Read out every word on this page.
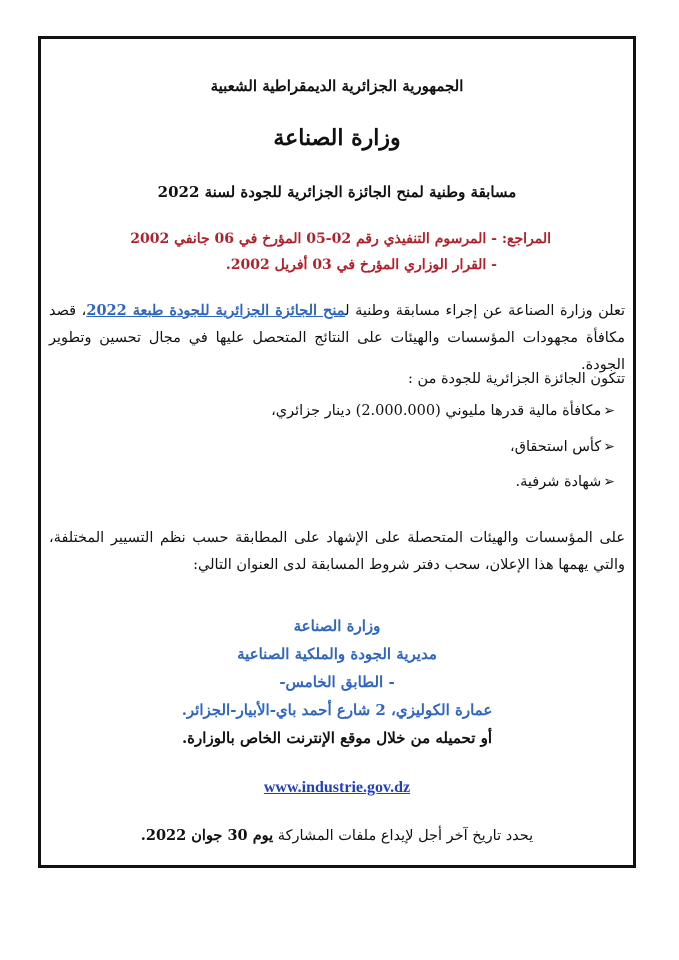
الجمهورية الجزائرية الديمقراطية الشعبية
وزارة الصناعة
مسابقة وطنية لمنح الجائزة الجزائرية للجودة لسنة 2022
المراجع: - المرسوم التنفيذي رقم 02-05 المؤرخ في 06 جانفي 2002
- القرار الوزاري المؤرخ في 03 أفريل 2002.
تعلن وزارة الصناعة عن إجراء مسابقة وطنية لمنح الجائزة الجزائرية للجودة طبعة 2022، قصد مكافأة مجهودات المؤسسات والهيئات على النتائج المتحصل عليها في مجال تحسين وتطوير الجودة.
تتكون الجائزة الجزائرية للجودة من :
➢مكافأة مالية قدرها مليوني (2.000.000) دينار جزائري،
➢كأس استحقاق،
➢شهادة شرفية.
على المؤسسات والهيئات المتحصلة على الإشهاد على المطابقة حسب نظم التسيير المختلفة، والتي يهمها هذا الإعلان، سحب دفتر شروط المسابقة لدى العنوان التالي:
وزارة الصناعة
مديرية الجودة والملكية الصناعية
- الطابق الخامس-
عمارة الكوليزي، 2 شارع أحمد باي-الأبيار-الجزائر.
أو تحميله من خلال موقع الإنترنت الخاص بالوزارة.
www.industrie.gov.dz
يحدد تاريخ آخر أجل لإيداع ملفات المشاركة يوم 30 جوان 2022.
